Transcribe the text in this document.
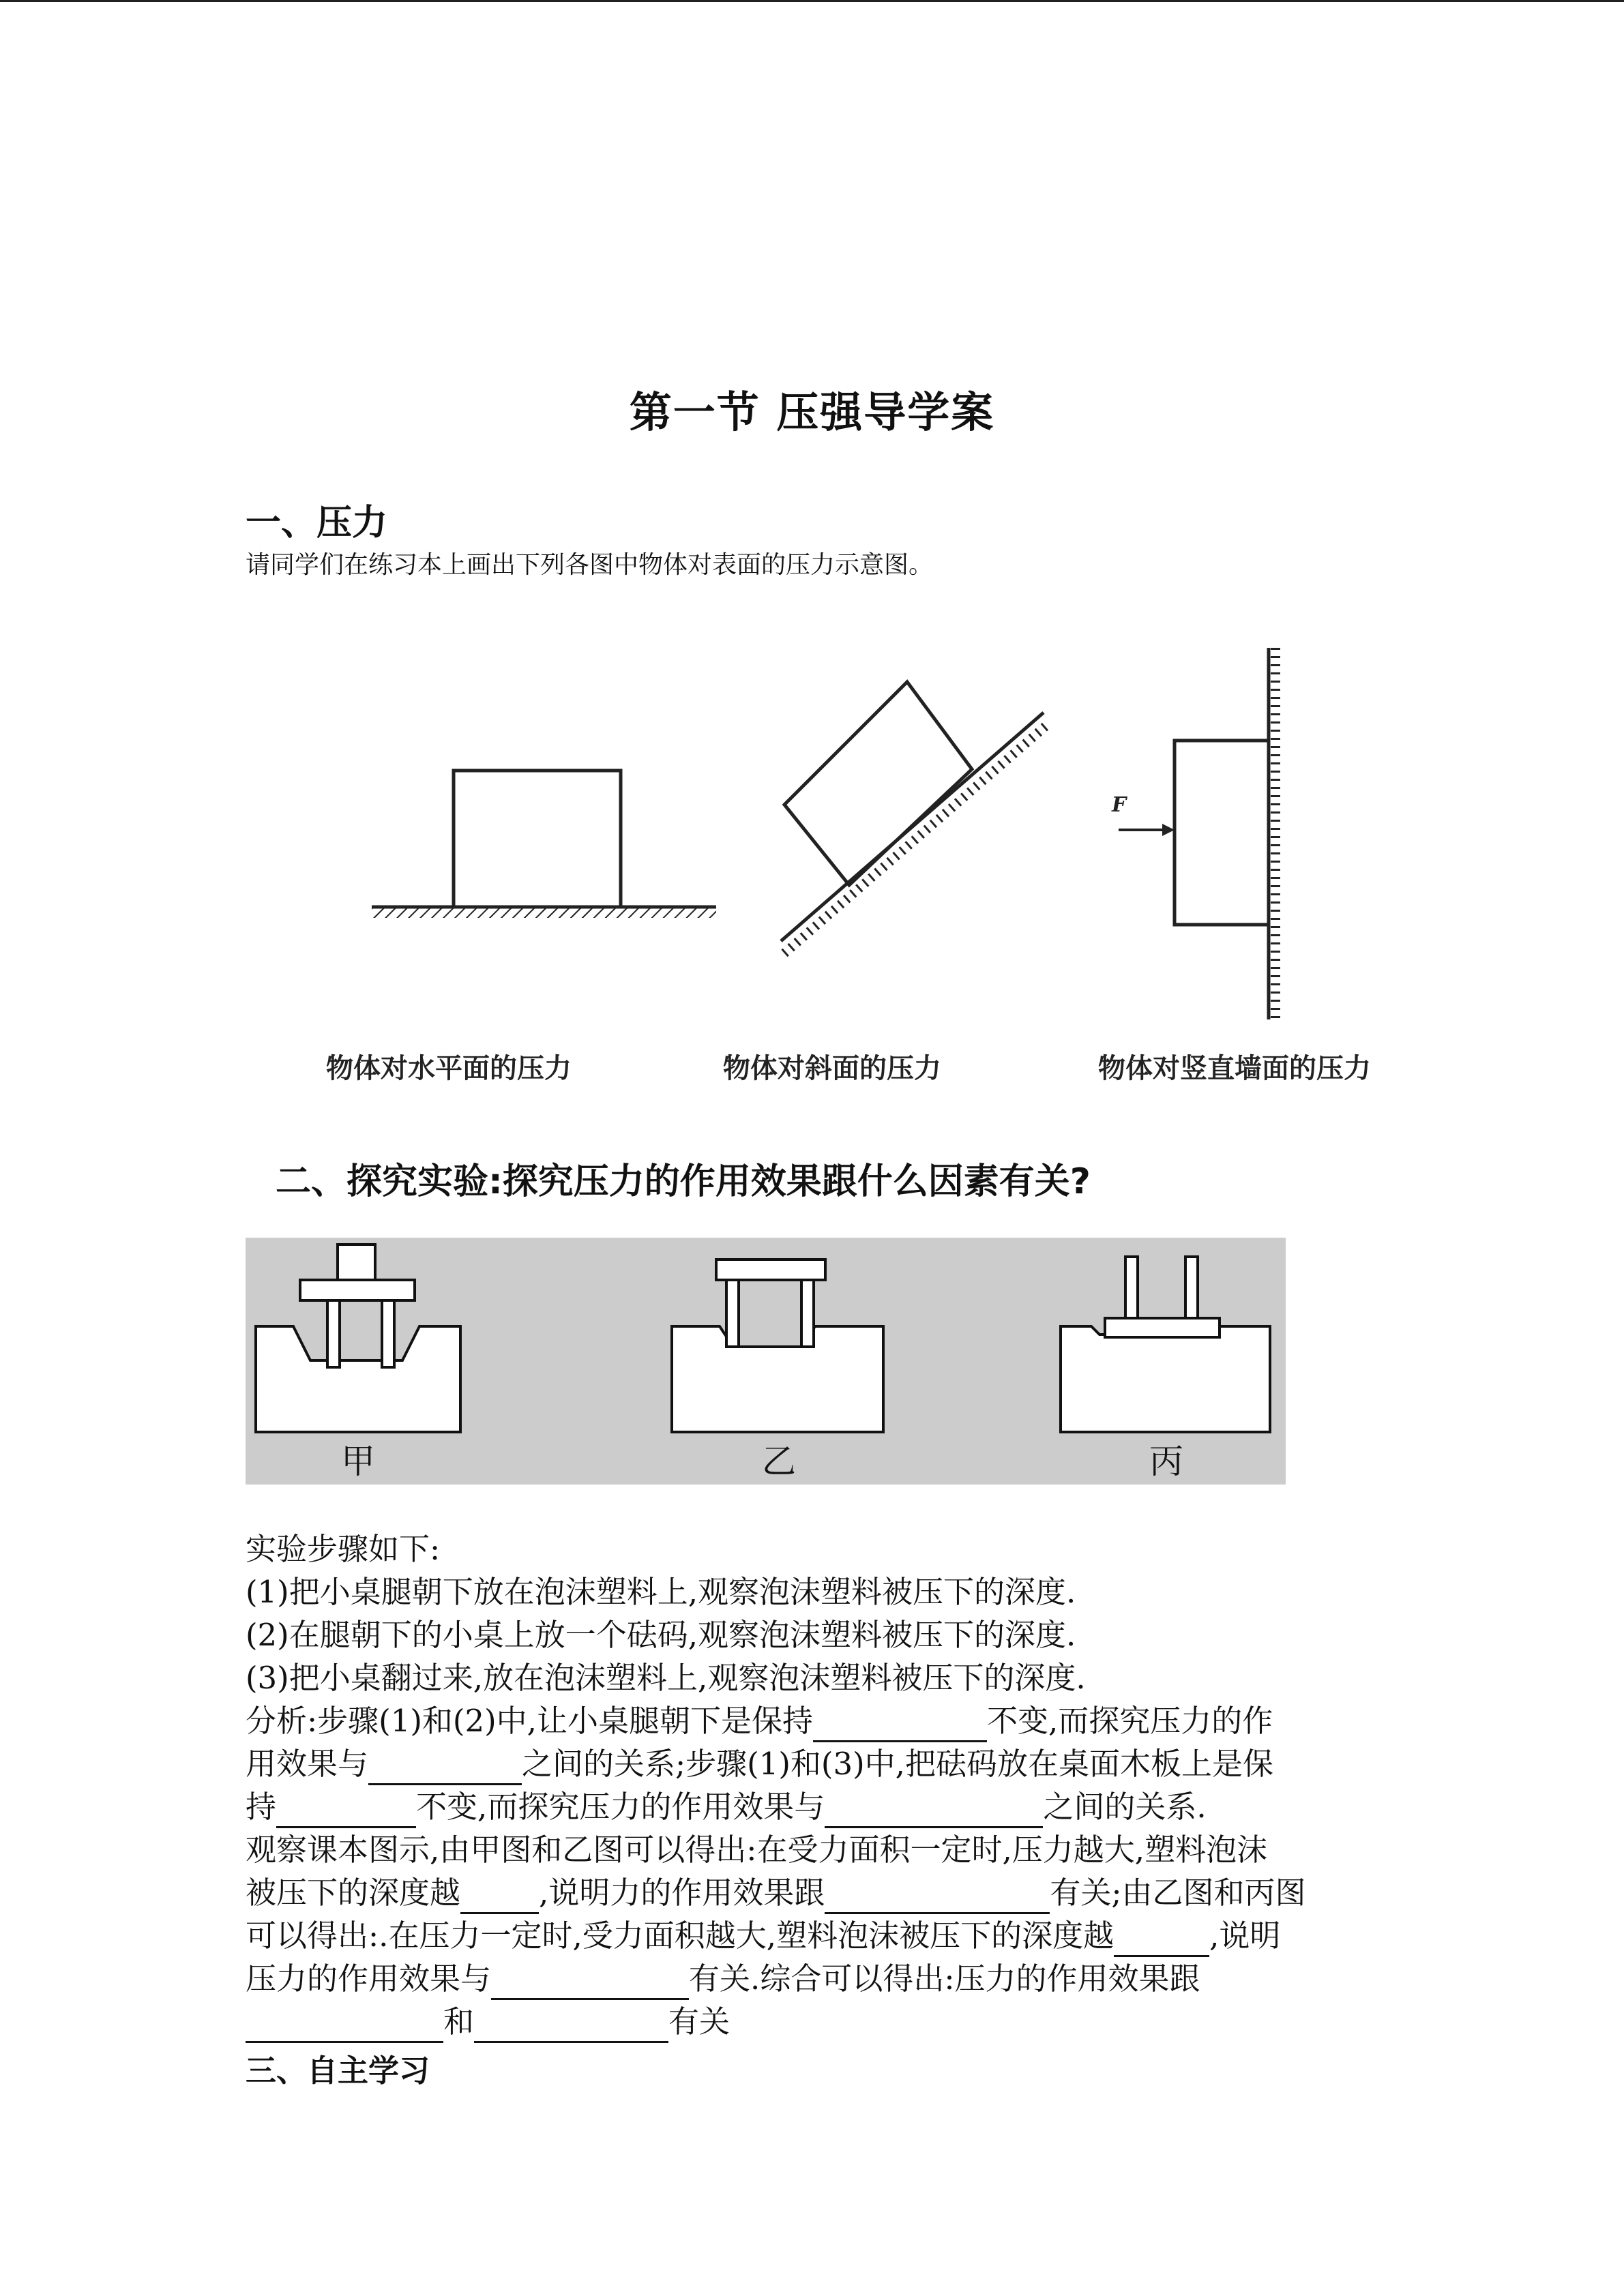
第一节 压强导学案
一、压力
请同学们在练习本上画出下列各图中物体对表面的压力示意图。
物体对水平面的压力	物体对斜面的压力
F
物体对竖直墙面的压力
二、探究实验:探究压力的作用效果跟什么因素有关?
甲	乙	丙

实验步骤如下:

(1)把小桌腿朝下放在泡沫塑料上,观察泡沫塑料被压下的深度.

(2)在腿朝下的小桌上放一个砝码,观察泡沫塑料被压下的深度.

(3)把小桌翻过来,放在泡沫塑料上,观察泡沫塑料被压下的深度.

分析:步骤(1)和(2)中,让小桌腿朝下是保持	不变,而探究压力的作

用效果与	之间的关系;步骤(1)和(3)中,把砝码放在桌面木板上是保

持	不变,而探究压力的作用效果与	之间的关系.

观察课本图示,由甲图和乙图可以得出:在受力面积一定时,压力越大,塑料泡沫

被压下的深度越	,说明力的作用效果跟	有关;由乙图和丙图

可以得出:.在压力一定时,受力面积越大,塑料泡沫被压下的深度越	,说明

压力的作用效果与	有关.综合可以得出:压力的作用效果跟

和	有关

三、自主学习
